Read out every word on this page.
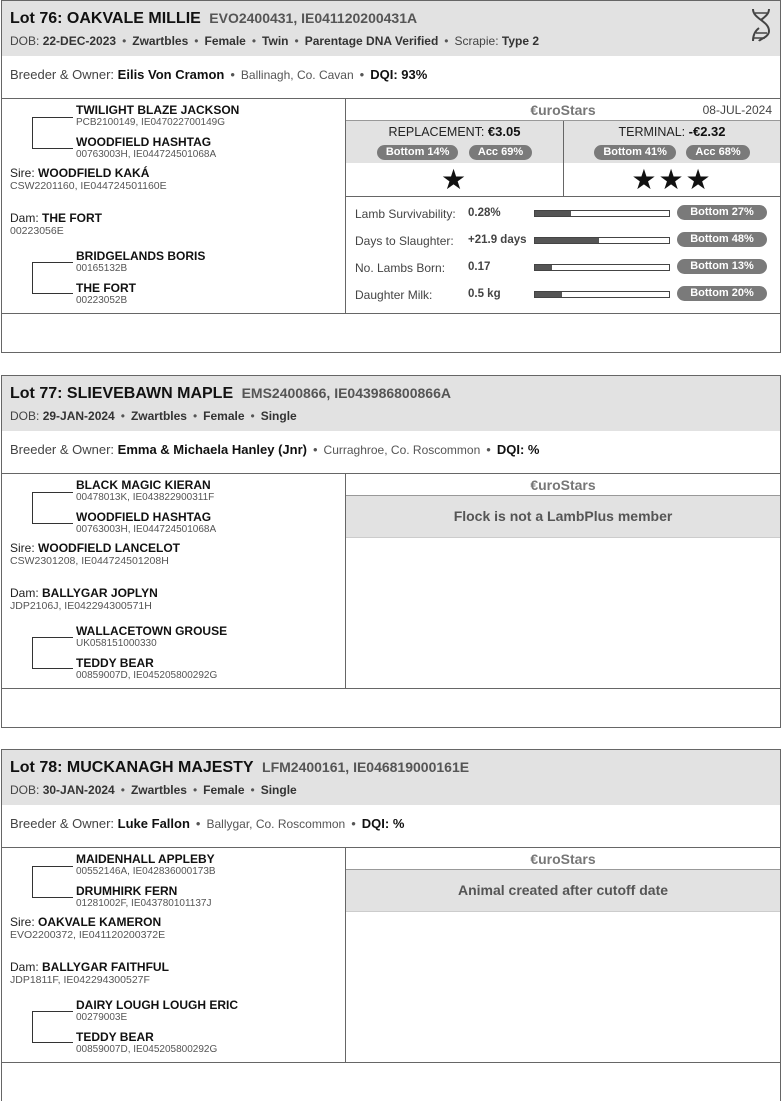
Lot 76: OAKVALE MILLIE EVO2400431, IE041120200431A
DOB: 22-DEC-2023 • Zwartbles • Female • Twin • Parentage DNA Verified • Scrapie: Type 2
Breeder & Owner: Eilis Von Cramon • Ballinagh, Co. Cavan • DQI: 93%
TWILIGHT BLAZE JACKSON
PCB2100149, IE047022700149G
WOODFIELD HASHTAG
00763003H, IE044724501068A
Sire: WOODFIELD KAKÁ
CSW2201160, IE044724501160E
Dam: THE FORT
00223056E
BRIDGELANDS BORIS
00165132B
THE FORT
00223052B
€uroStars	08-JUL-2024
REPLACEMENT: €3.05
Bottom 14%	Acc 69%
★
TERMINAL: -€2.32
Bottom 41%	Acc 68%
★★★
Lamb Survivability: 0.28%	Bottom 27%
Days to Slaughter: +21.9 days	Bottom 48%
No. Lambs Born: 0.17	Bottom 13%
Daughter Milk:	0.5 kg	Bottom 20%
Lot 77: SLIEVEBAWN MAPLE EMS2400866, IE043986800866A
DOB: 29-JAN-2024 • Zwartbles • Female • Single
Breeder & Owner: Emma & Michaela Hanley (Jnr) • Curraghroe, Co. Roscommon • DQI: %
BLACK MAGIC KIERAN
00478013K, IE043822900311F
WOODFIELD HASHTAG
00763003H, IE044724501068A
Sire: WOODFIELD LANCELOT
CSW2301208, IE044724501208H
Dam: BALLYGAR JOPLYN
JDP2106J, IE042294300571H
WALLACETOWN GROUSE
UK058151000330
TEDDY BEAR
00859007D, IE045205800292G
€uroStars
Flock is not a LambPlus member
Lot 78: MUCKANAGH MAJESTY LFM2400161, IE046819000161E
DOB: 30-JAN-2024 • Zwartbles • Female • Single
Breeder & Owner: Luke Fallon • Ballygar, Co. Roscommon • DQI: %
MAIDENHALL APPLEBY
00552146A, IE042836000173B
DRUMHIRK FERN
01281002F, IE043780101137J
Sire: OAKVALE KAMERON
EVO2200372, IE041120200372E
Dam: BALLYGAR FAITHFUL
JDP1811F, IE042294300527F
DAIRY LOUGH LOUGH ERIC
00279003E
TEDDY BEAR
00859007D, IE045205800292G
€uroStars
Animal created after cutoff date
